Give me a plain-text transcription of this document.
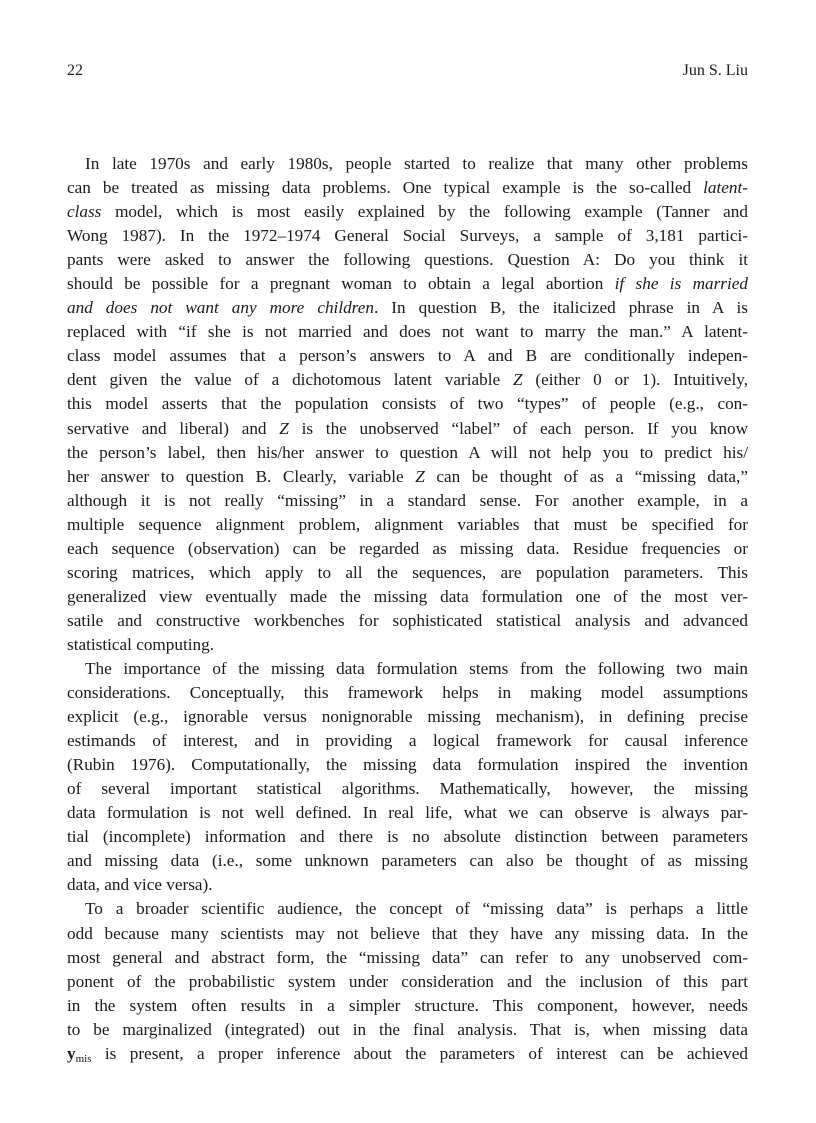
22	Jun S. Liu
In late 1970s and early 1980s, people started to realize that many other problems
can be treated as missing data problems. One typical example is the so-called latent-
class model, which is most easily explained by the following example (Tanner and
Wong 1987). In the 1972–1974 General Social Surveys, a sample of 3,181 partici-
pants were asked to answer the following questions. Question A: Do you think it
should be possible for a pregnant woman to obtain a legal abortion if she is married
and does not want any more children. In question B, the italicized phrase in A is
replaced with “if she is not married and does not want to marry the man.” A latent-
class model assumes that a person’s answers to A and B are conditionally indepen-
dent given the value of a dichotomous latent variable Z (either 0 or 1). Intuitively,
this model asserts that the population consists of two “types” of people (e.g., con-
servative and liberal) and Z is the unobserved “label” of each person. If you know
the person’s label, then his/her answer to question A will not help you to predict his/
her answer to question B. Clearly, variable Z can be thought of as a “missing data,”
although it is not really “missing” in a standard sense. For another example, in a
multiple sequence alignment problem, alignment variables that must be specified for
each sequence (observation) can be regarded as missing data. Residue frequencies or
scoring matrices, which apply to all the sequences, are population parameters. This
generalized view eventually made the missing data formulation one of the most ver-
satile and constructive workbenches for sophisticated statistical analysis and advanced
statistical computing.
The importance of the missing data formulation stems from the following two main
considerations. Conceptually, this framework helps in making model assumptions
explicit (e.g., ignorable versus nonignorable missing mechanism), in defining precise
estimands of interest, and in providing a logical framework for causal inference
(Rubin 1976). Computationally, the missing data formulation inspired the invention
of several important statistical algorithms. Mathematically, however, the missing
data formulation is not well defined. In real life, what we can observe is always par-
tial (incomplete) information and there is no absolute distinction between parameters
and missing data (i.e., some unknown parameters can also be thought of as missing
data, and vice versa).
To a broader scientific audience, the concept of “missing data” is perhaps a little
odd because many scientists may not believe that they have any missing data. In the
most general and abstract form, the “missing data” can refer to any unobserved com-
ponent of the probabilistic system under consideration and the inclusion of this part
in the system often results in a simpler structure. This component, however, needs
to be marginalized (integrated) out in the final analysis. That is, when missing data
$y_{mis}$ is present, a proper inference about the parameters of interest can be achieved
